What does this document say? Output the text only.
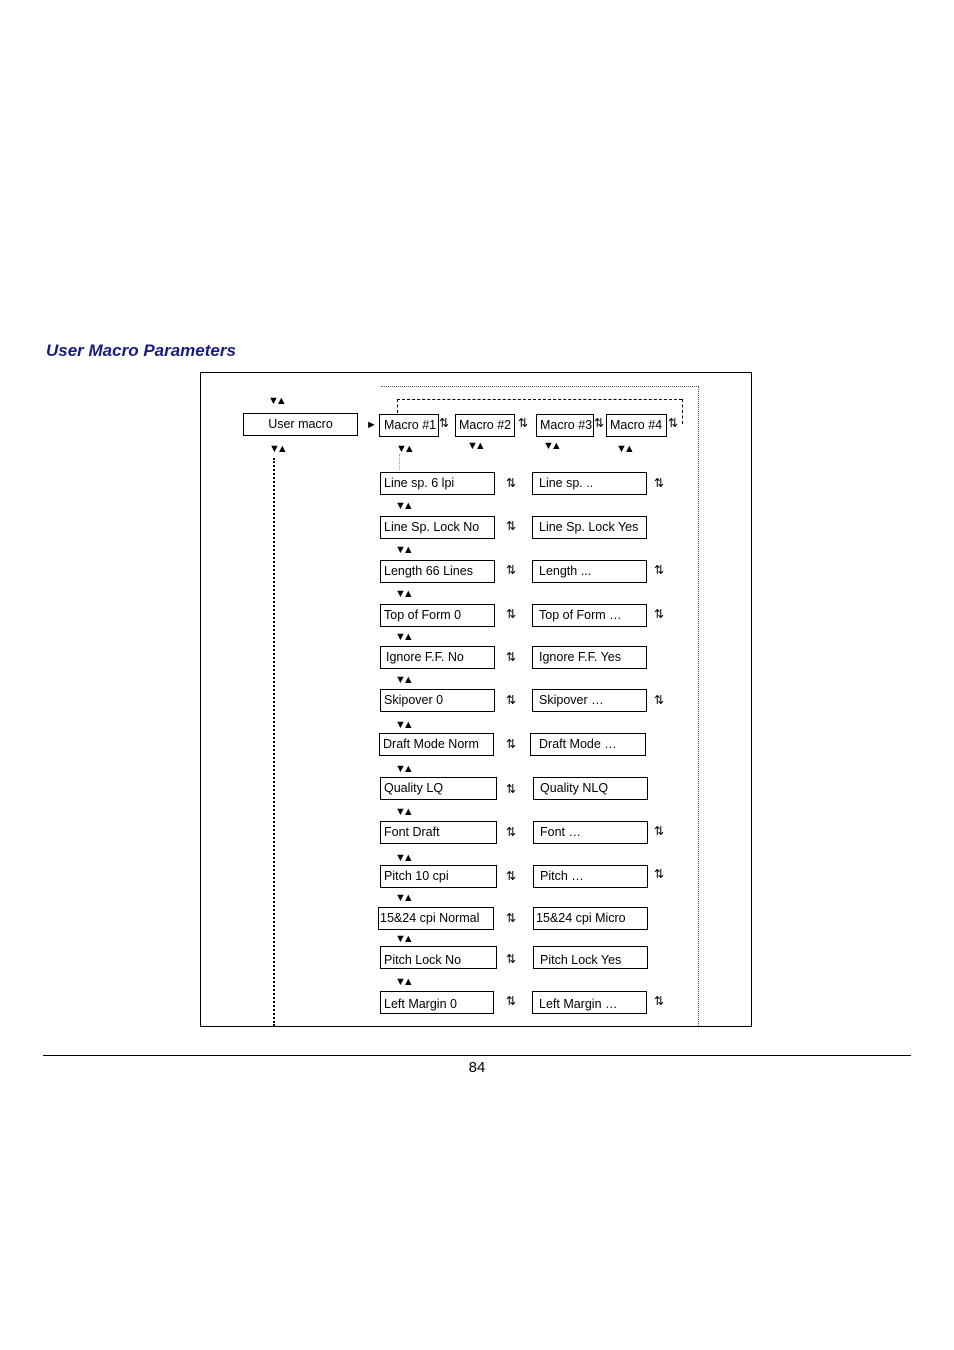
User Macro Parameters
▼▲
User macro
▼▲
► Macro #1 ⇅	Macro #2 ⇅	Macro #3 ⇅ Macro #4 ⇅
▼▲	▼▲	▼▲	▼▲
Line sp. 6 lpi	⇅	Line sp. ..	⇅
▼▲
Line Sp. Lock No	⇅	Line Sp. Lock Yes
▼▲
Length 66 Lines	⇅	Length ...	⇅
▼▲
Top of Form 0	⇅	Top of Form …	⇅
▼▲
Ignore F.F. No	⇅	Ignore F.F. Yes
▼▲
Skipover 0	⇅	Skipover …	⇅
▼▲
Draft Mode Norm	⇅	Draft Mode …
▼▲
Quality LQ	⇅	Quality NLQ
▼▲
Font Draft	⇅	Font …	⇅
▼▲
Pitch 10 cpi	⇅	Pitch …	⇅
▼▲
15&24 cpi Normal	⇅ 15&24 cpi Micro
▼▲
Pitch Lock No	⇅	Pitch Lock Yes
▼▲
Left Margin 0	⇅	Left Margin …	⇅
84
